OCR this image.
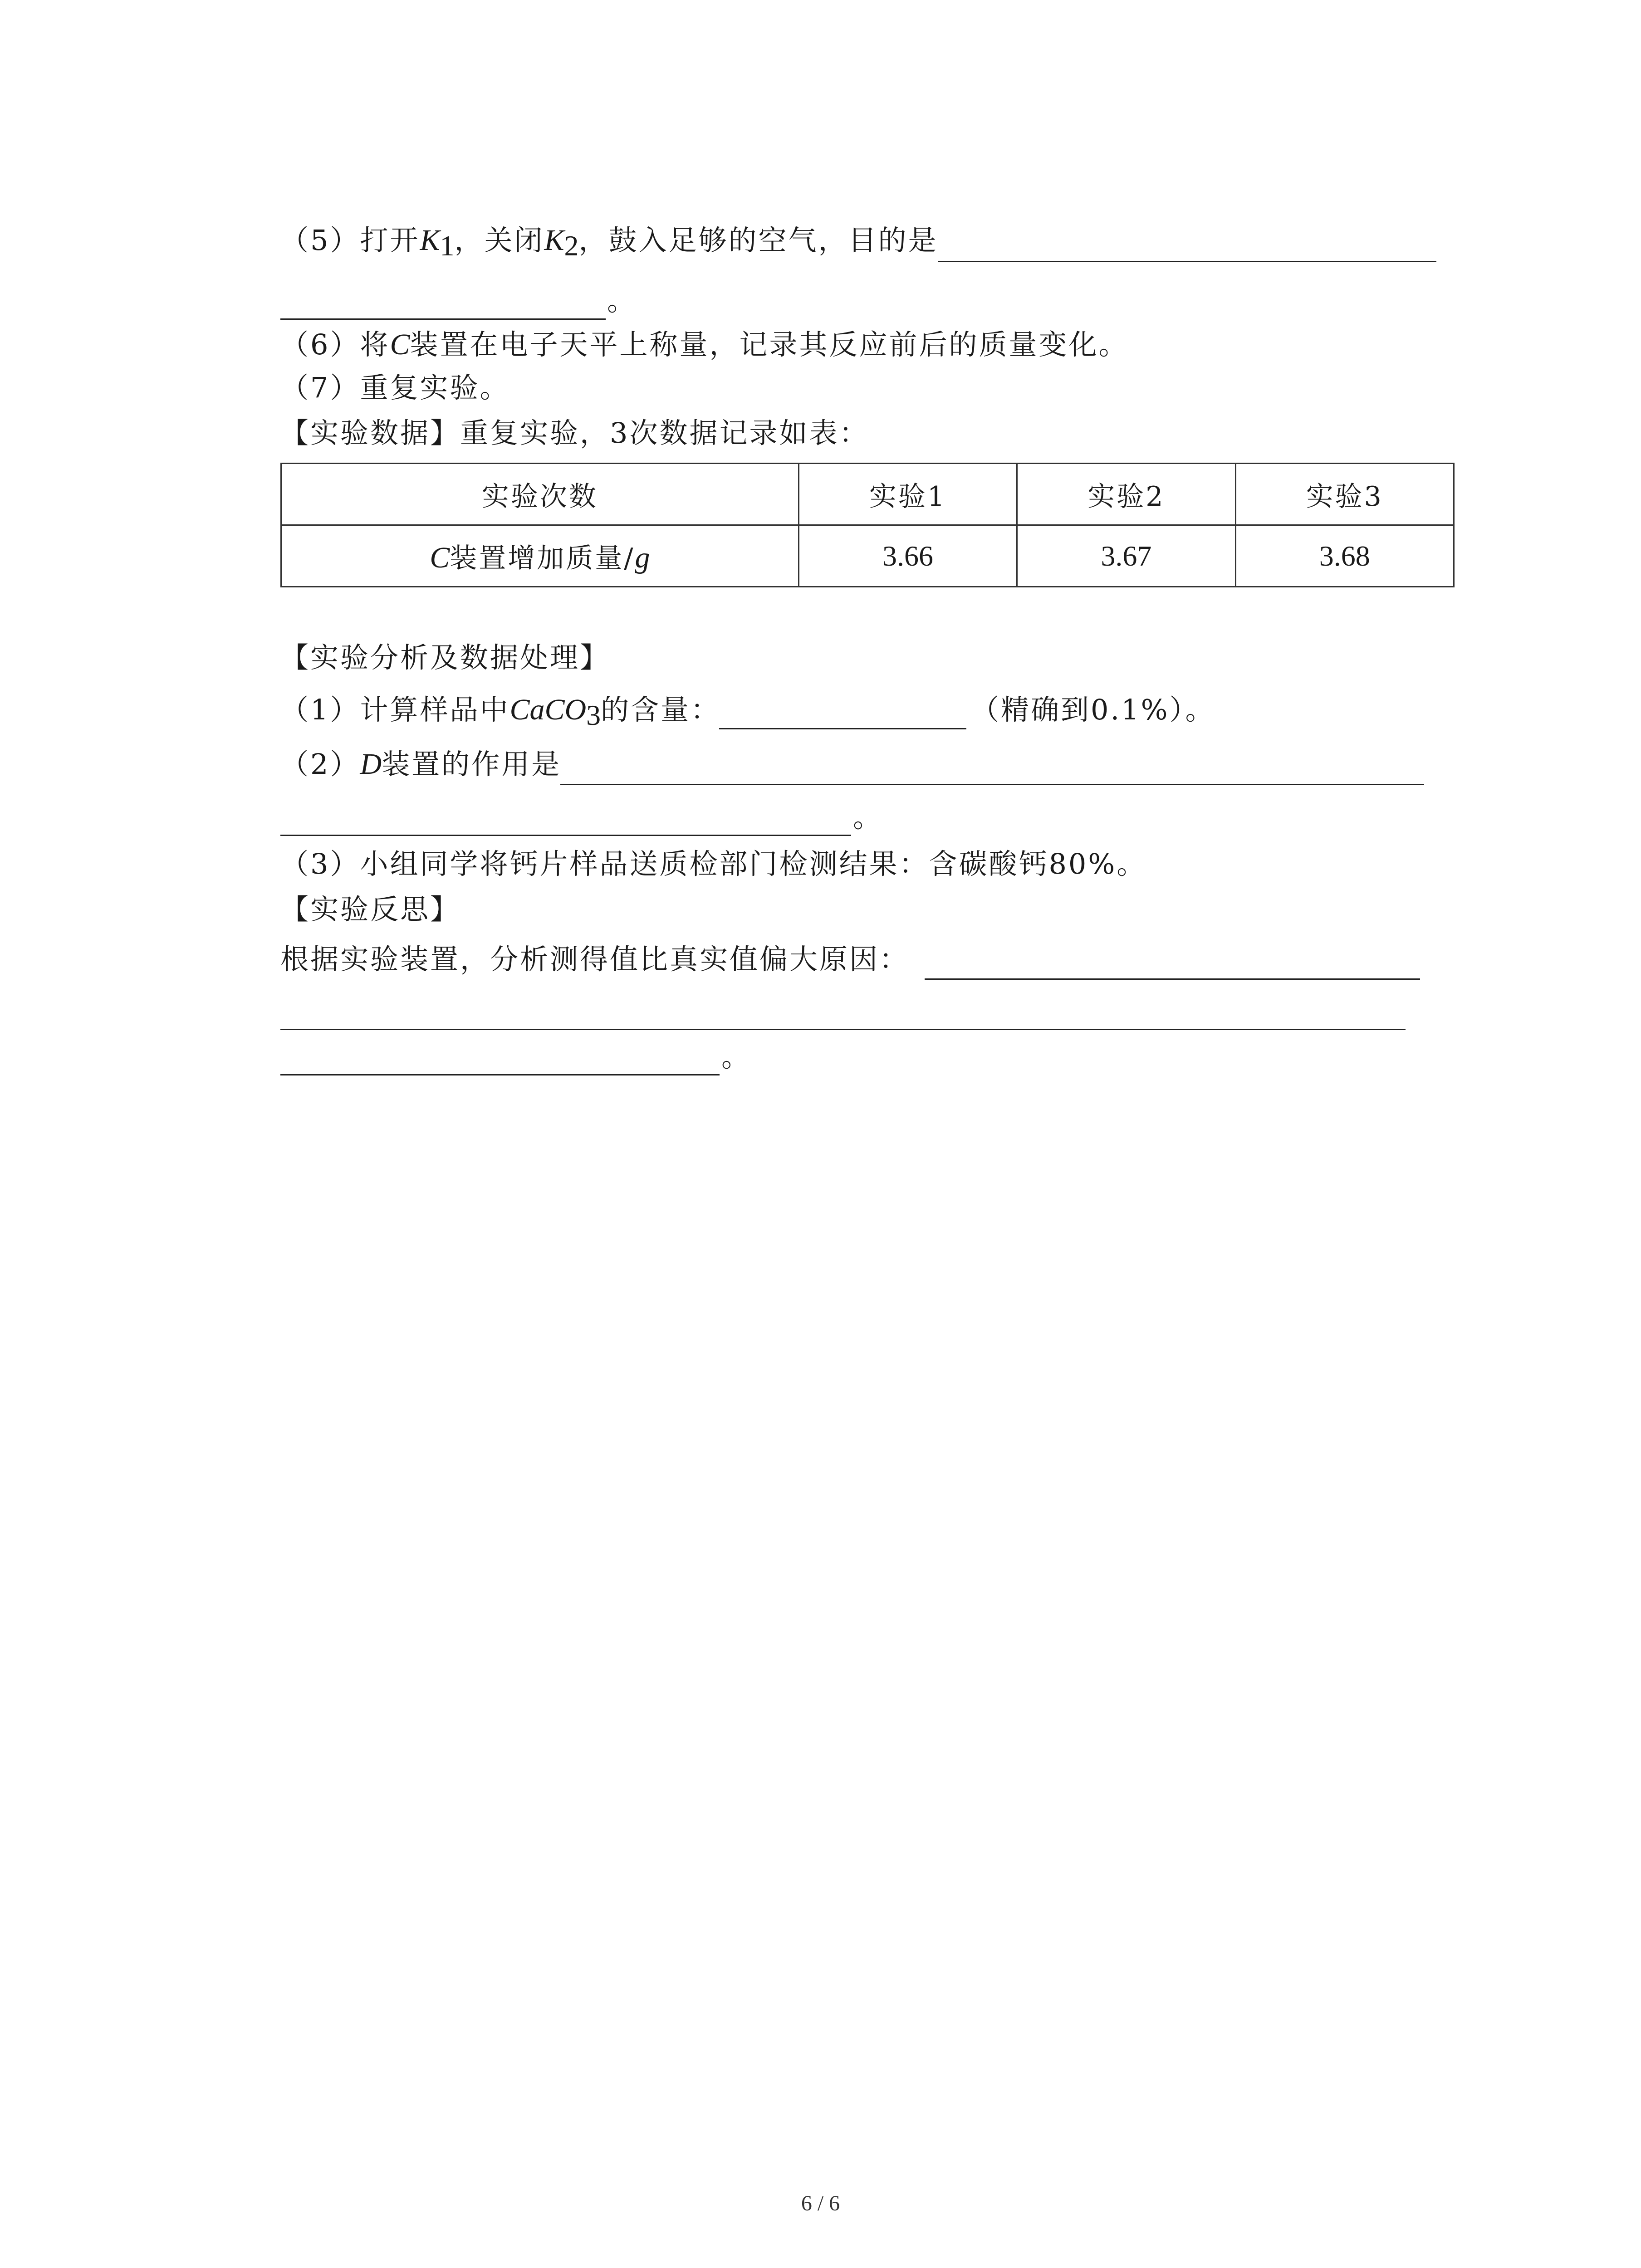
（5）打开$K_1$，关闭$K_2$，鼓入足够的空气，目的是
。
（6）将C装置在电子天平上称量，记录其反应前后的质量变化。
（7）重复实验。
【实验数据】重复实验，3次数据记录如表：
实验次数	实验1	实验2	实验3
C装置增加质量/g	3.66	3.67	3.68
【实验分析及数据处理】
（1）计算样品中CaCO$_3$的含量：	（精确到0.1%）。
（2）D装置的作用是
。
（3）小组同学将钙片样品送质检部门检测结果：含碳酸钙80%。
【实验反思】
根据实验装置，分析测得值比真实值偏大原因：
。
6 / 6
